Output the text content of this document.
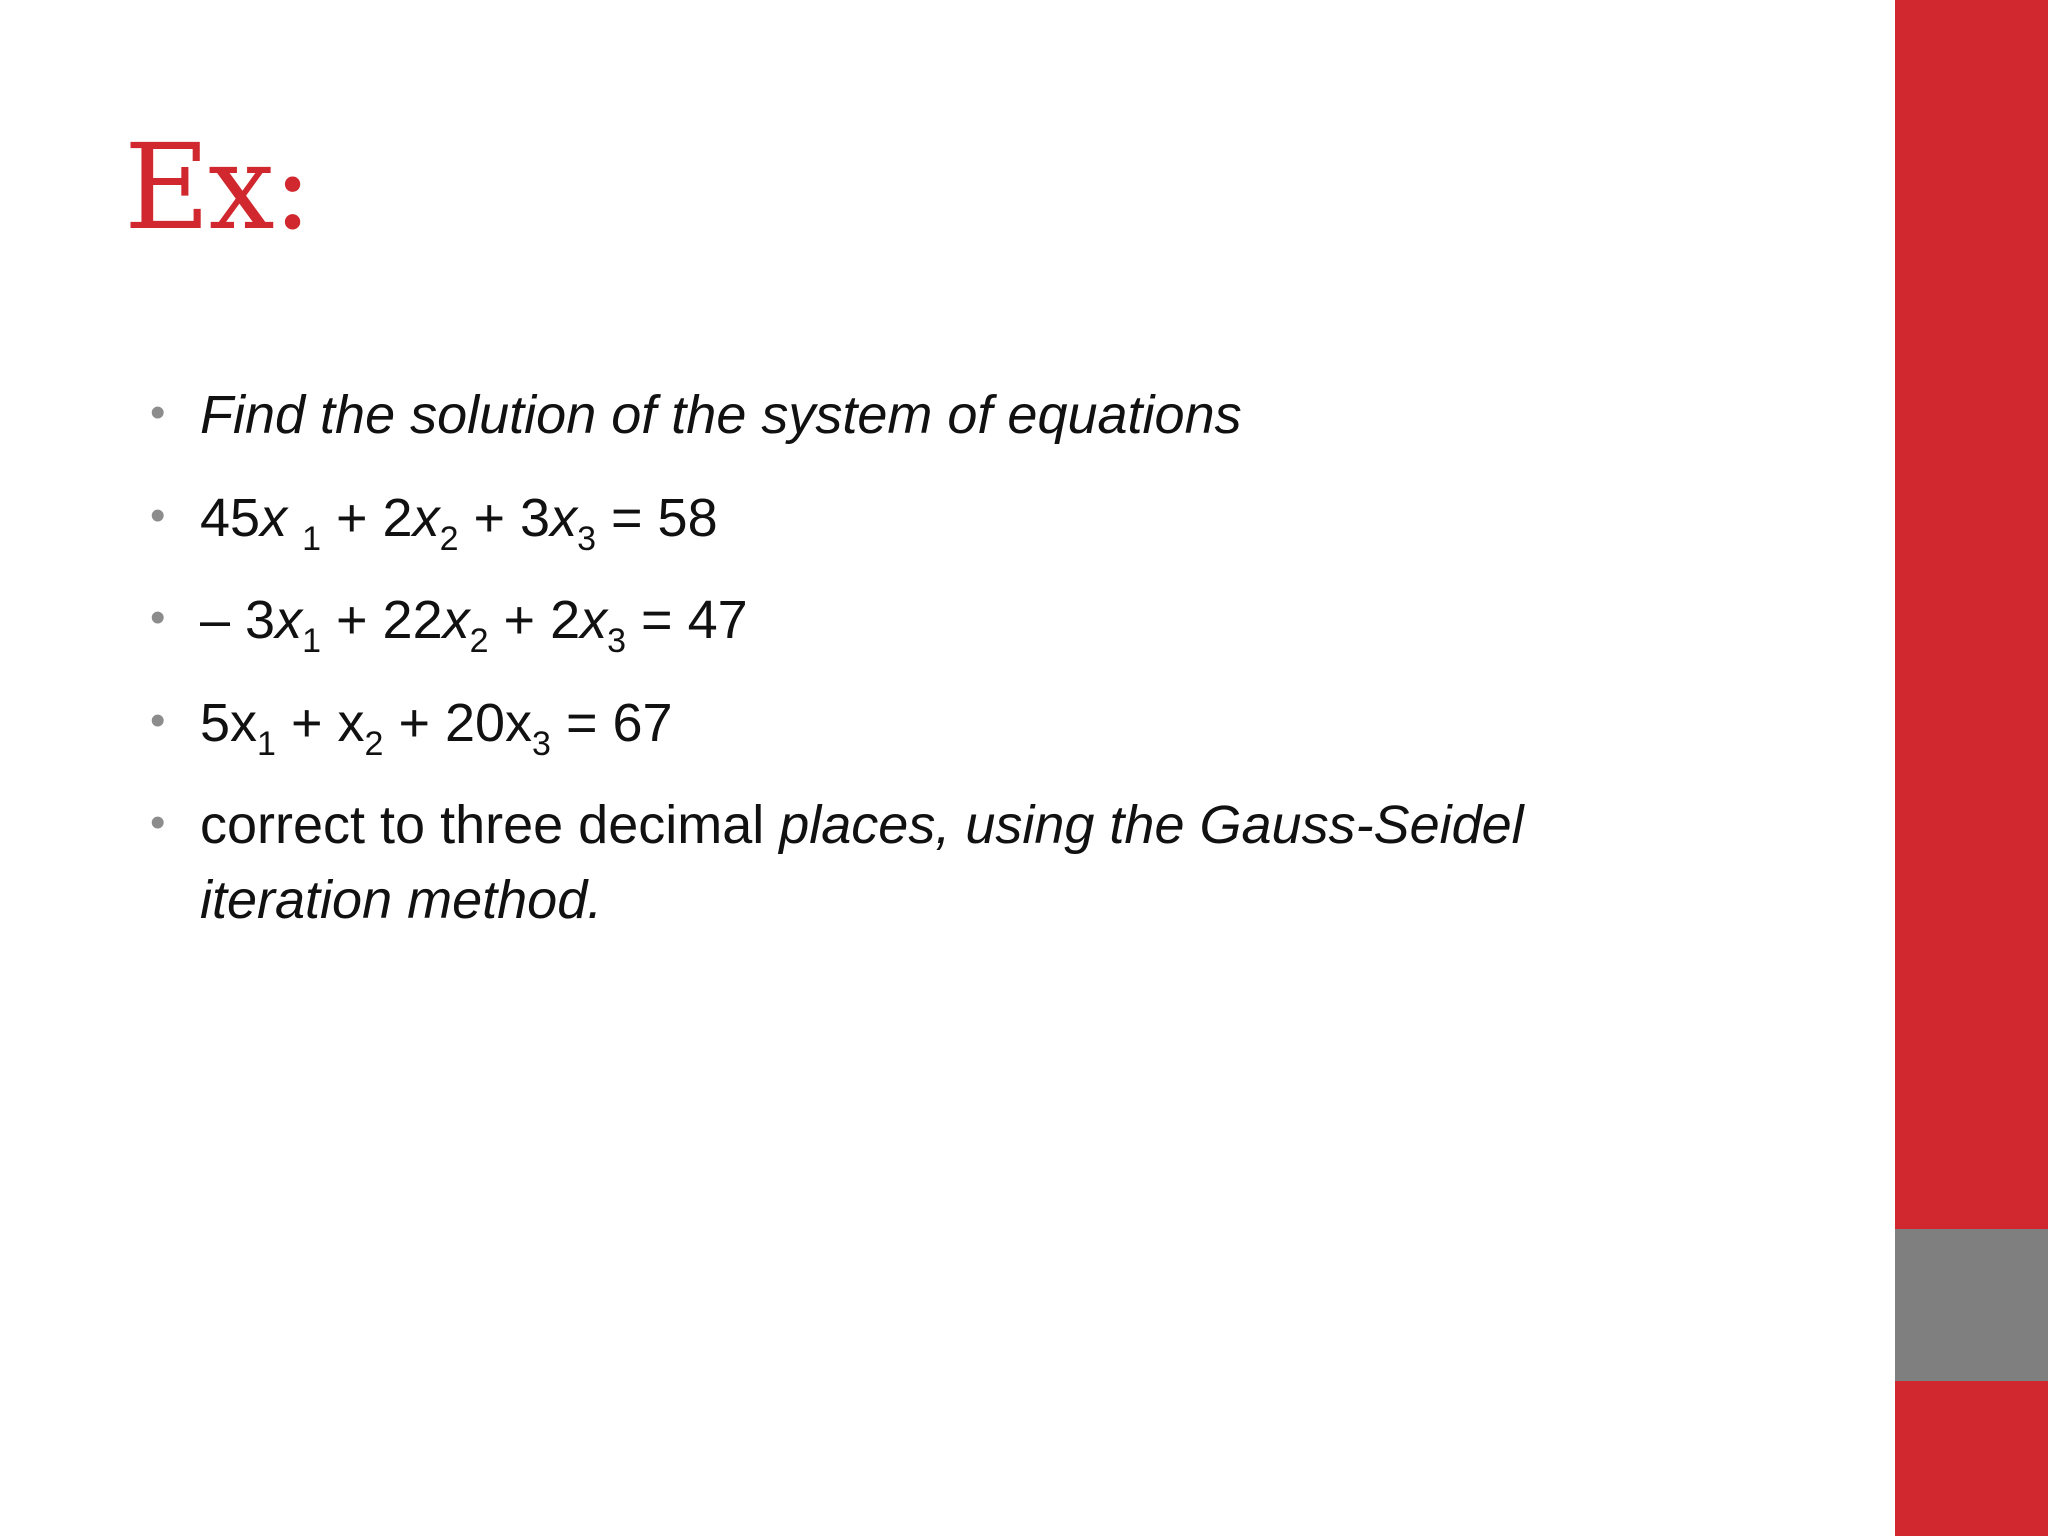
Ex:
• Find the solution of the system of equations
• 45x $_1 + 2x_2 + 3x_3 = 58$
• – $3x_1 + 22x_2 + 2x_3 = 47$
• $5x_1 + x_2 + 20x_3 = 67$
• correct to three decimal places, using the Gauss-Seidel iteration method.
